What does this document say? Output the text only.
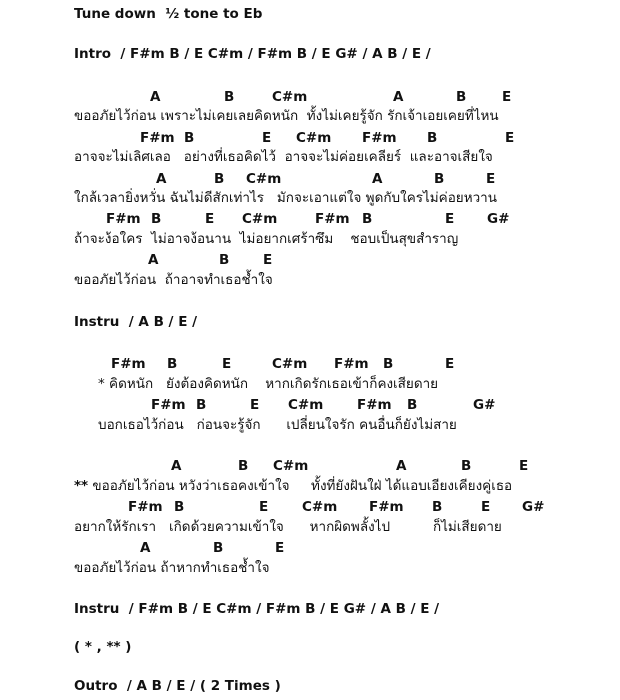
Tune down  ½ tone to Eb
Intro  / F#m B / E C#m / F#m B / E G# / A B / E /
A	B	C#m	A	B	E
ขออภัยไว้ก่อน เพราะไม่เคยเลยคิดหนัก  ทั้งไม่เคยรู้จัก รักเจ้าเอยเคยที่ไหน
F#m B	E C#m F#m B	E
อาจจะไม่เลิศเลอ   อย่างที่เธอคิดไว้  อาจจะไม่ค่อยเคลียร์  และอาจเสียใจ
A	B C#m	A	B	E
ใกล้เวลายิ่งหวั่น ฉันไม่ดีสักเท่าไร   มักจะเอาแต่ใจ พูดกับใครไม่ค่อยหวาน
F#m B	E C#m	F#m B	E G#
ถ้าจะง้อใคร  ไม่อาจง้อนาน  ไม่อยากเศร้าซึม    ชอบเป็นสุขสำราญ
A	B E
ขออภัยไว้ก่อน  ถ้าอาจทำเธอช้ำใจ
Instru  / A B / E /
F#m B	E	C#m F#m B	E
* คิดหนัก   ยังต้องคิดหนัก    หากเกิดรักเธอเข้าก็คงเสียดาย
F#m B	E C#m F#m B	G#
บอกเธอไว้ก่อน   ก่อนจะรู้จัก      เปลี่ยนใจรัก คนอื่นก็ยังไม่สาย
A	B C#m	A	B	E
** ขออภัยไว้ก่อน หวังว่าเธอคงเข้าใจ     ทั้งที่ยังฝันใฝ่ ได้แอบเอียงเคียงคู่เธอ
F#m B	E	C#m F#m B	E G#
อยากให้รักเรา   เกิดด้วยความเข้าใจ      หากผิดพลั้งไป          ก็ไม่เสียดาย
A	B	E
ขออภัยไว้ก่อน ถ้าหากทำเธอช้ำใจ
Instru  / F#m B / E C#m / F#m B / E G# / A B / E /
( * , ** )
Outro  / A B / E / ( 2 Times )
